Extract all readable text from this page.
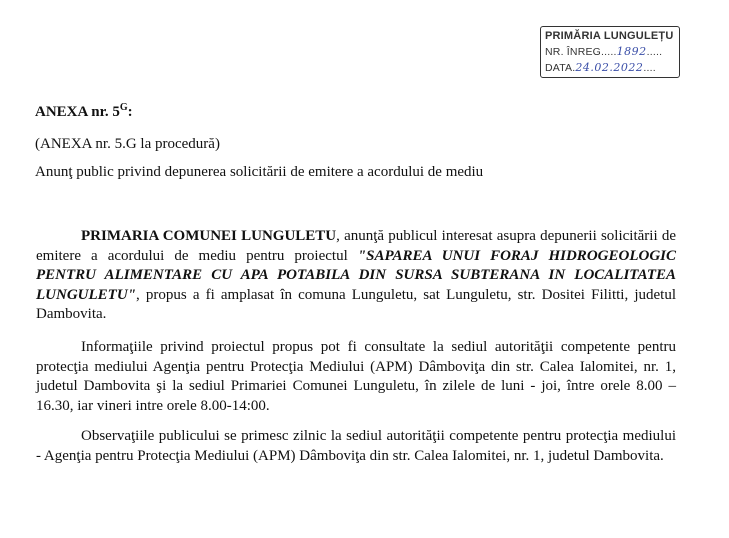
PRIMĂRIA LUNGULEȚU
NR. ÎNREG.....1892.....
DATA.24.02.2022....
ANEXA nr. $5^G$:
(ANEXA nr. 5.G la procedură)
Anunţ public privind depunerea solicitării de emitere a acordului de mediu
PRIMARIA COMUNEI LUNGULETU, anunţă publicul interesat asupra depunerii solicitării de emitere a acordului de mediu pentru proiectul "SAPAREA UNUI FORAJ HIDROGEOLOGIC PENTRU ALIMENTARE CU APA POTABILA DIN SURSA SUBTERANA IN LOCALITATEA LUNGULETU", propus a fi amplasat în comuna Lunguletu, sat Lunguletu, str. Dositei Filitti, judetul Dambovita.
Informaţiile privind proiectul propus pot fi consultate la sediul autorităţii competente pentru protecţia mediului Agenţia pentru Protecţia Mediului (APM) Dâmboviţa din str. Calea Ialomitei, nr. 1, judetul Dambovita şi la sediul Primariei Comunei Lunguletu, în zilele de luni - joi, între orele 8.00 – 16.30, iar vineri intre orele 8.00-14:00.
Observaţiile publicului se primesc zilnic la sediul autorităţii competente pentru protecţia mediului - Agenţia pentru Protecţia Mediului (APM) Dâmboviţa din str. Calea Ialomitei, nr. 1, judetul Dambovita.
